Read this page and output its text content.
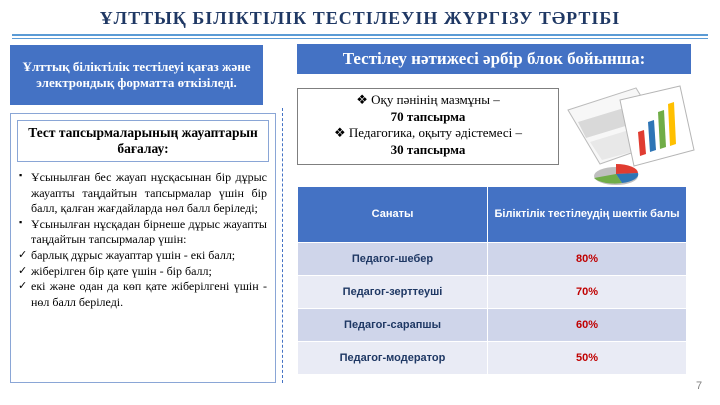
ҰЛТТЫҚ БІЛІКТІЛІК ТЕСТІЛЕУІН ЖҮРГІЗУ ТӘРТІБІ
Ұлттық біліктілік тестілеуі қағаз және электрондық форматта өткізіледі.
Тест тапсырмаларының жауаптарын бағалау:
▪ Ұсынылған бес жауап нұсқасынан бір дұрыс жауапты таңдайтын тапсырмалар үшін бір балл, қалған жағдайларда нөл балл беріледі;
▪ Ұсынылған нұсқадан бірнеше дұрыс жауапты таңдайтын тапсырмалар үшін:
✓ барлық дұрыс жауаптар үшін - екі балл;
✓ жіберілген бір қате үшін - бір балл;
✓ екі және одан да көп қате жіберілгені үшін - нөл балл беріледі.
Тестілеу нәтижесі әрбір блок бойынша:
❖ Оқу пәнінің мазмұны –
70 тапсырма
❖ Педагогика, оқыту әдістемесі –
30 тапсырма
Санаты	Біліктілік тестілеудің шектік балы
Педагог-шебер	80%
Педагог-зерттеуші	70%
Педагог-сарапшы	60%
Педагог-модератор	50%
7
